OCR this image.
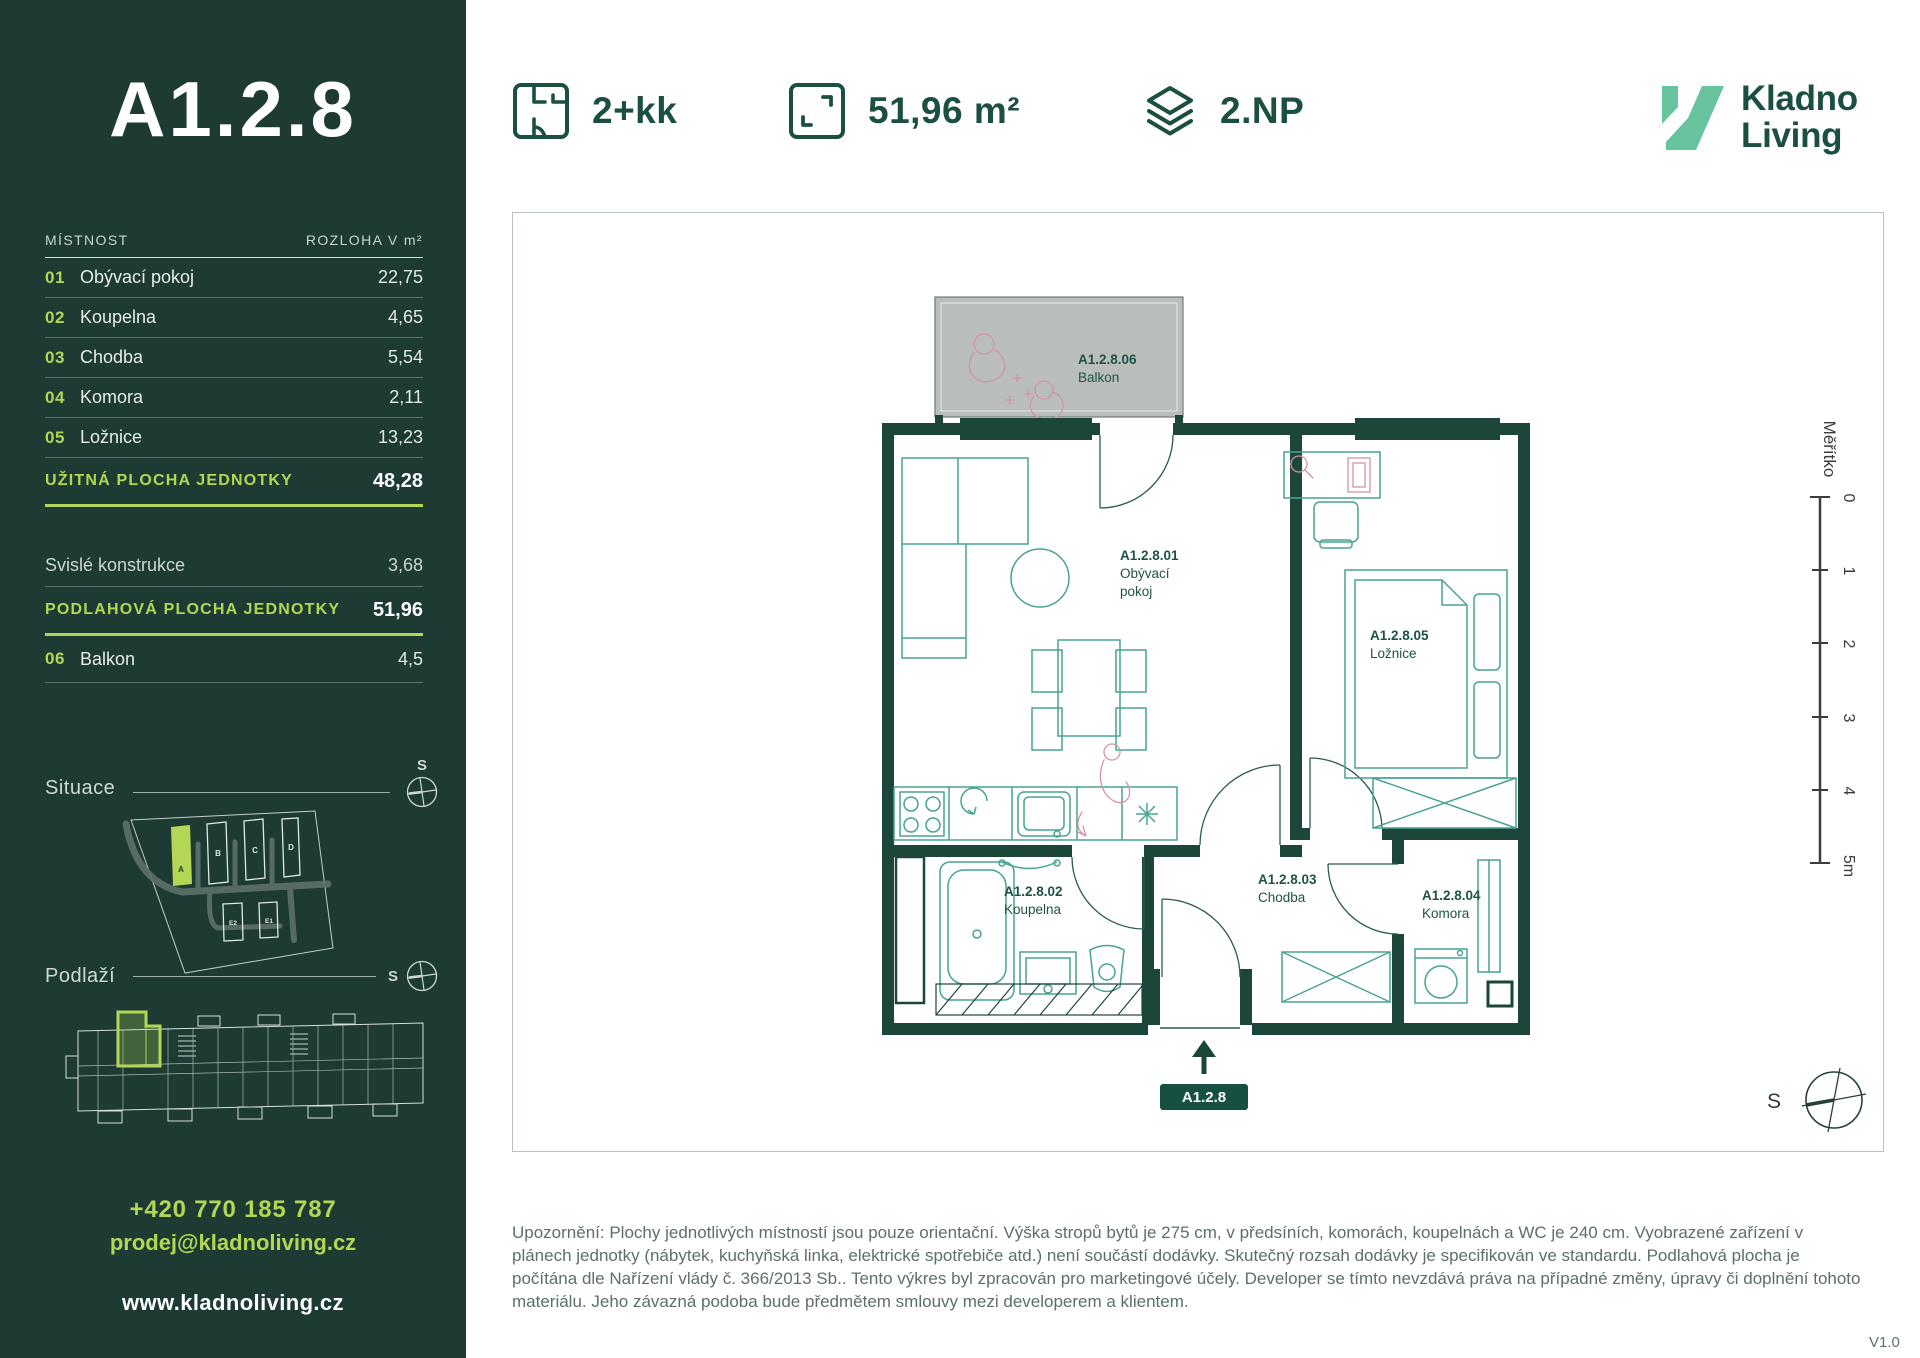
A1.2.8
MÍSTNOST	ROZLOHA V m²
01 Obývací pokoj	22,75
02 Koupelna	4,65
03 Chodba	5,54
04 Komora	2,11
05 Ložnice	13,23
UŽITNÁ PLOCHA JEDNOTKY	48,28
Svislé konstrukce	3,68
PODLAHOVÁ PLOCHA JEDNOTKY	51,96
06 Balkon	4,5
Situace
S
A
B	C	D
E2	E1
Podlaží	S
+420 770 185 787
prodej@kladnoliving.cz
www.kladnoliving.cz
2+kk	51,96 m²	2.NP	Kladno
Living
A1.2.8.06
Balkon
A1.2.8
A1.2.8.01
Obývací
pokoj
A1.2.8.02
Koupelna
A1.2.8.03
Chodba	A1.2.8.04
Komora
A1.2.8.05
Ložnice
Měřítko
0
1
2
3
4
5m
S
Upozornění: Plochy jednotlivých místností jsou pouze orientační. Výška stropů bytů je 275 cm, v předsíních, komorách, koupelnách a WC je 240 cm. Vyobrazené zařízení v plánech jednotky (nábytek, kuchyňská linka, elektrické spotřebiče atd.) není součástí dodávky. Skutečný rozsah dodávky je specifikován ve standardu. Podlahová plocha je počítána dle Nařízení vlády č. 366/2013 Sb.. Tento výkres byl zpracován pro marketingové účely. Developer se tímto nevzdává práva na případné změny, úpravy či doplnění tohoto materiálu. Jeho závazná podoba bude předmětem smlouvy mezi developerem a klientem.
V1.0
